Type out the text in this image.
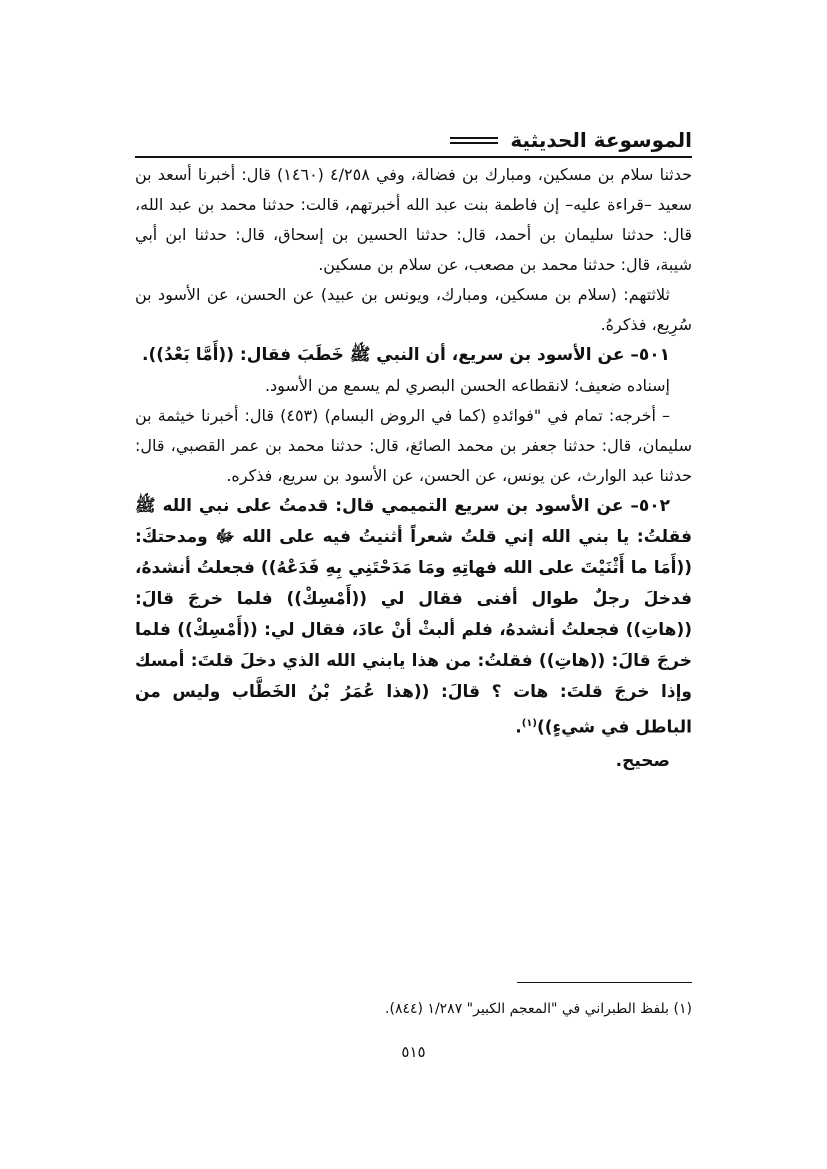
الموسوعة الحديثية

حدثنا سلام بن مسكين، ومبارك بن فضالة، وفي ٤/٢٥٨ (١٤٦٠) قال: أخبرنا أسعد بن سعيد –قراءة عليه– إن فاطمة بنت عبد الله أخبرتهم، قالت: حدثنا محمد بن عبد الله، قال: حدثنا سليمان بن أحمد، قال: حدثنا الحسين بن إسحاق، قال: حدثنا ابن أبي شيبة، قال: حدثنا محمد بن مصعب، عن سلام بن مسكين.

ثلاثتهم: (سلام بن مسكين، ومبارك، ويونس بن عبيد) عن الحسن، عن الأسود بن سُرِيع، فذكرهُ.

٥٠١– عن الأسود بن سريع، أن النبي ﷺ خَطَبَ فقال: ((أَمَّا بَعْدُ)).

إسناده ضعيف؛ لانقطاعه الحسن البصري لم يسمع من الأسود.

– أخرجه: تمام في "فوائدهِ (كما في الروض البسام) (٤٥٣) قال: أخبرنا خيثمة بن سليمان، قال: حدثنا جعفر بن محمد الصائغ، قال: حدثنا محمد بن عمر القصبي، قال: حدثنا عبد الوارث، عن يونس، عن الحسن، عن الأسود بن سريع، فذكره.

٥٠٢– عن الأسود بن سريع التميمي قال: قدمتُ على نبي الله ﷺ فقلتُ: يا بني الله إني قلتُ شعراً أثنيتُ فيه على الله ﷻ ومدحتكَ: ((أَمَا ما أَثْنَيْتَ على الله فهاتِهِ ومَا مَدَحْتَنِي بِهِ فَدَعْهُ)) فجعلتُ أنشدهُ، فدخلَ رجلٌ طوال أفنى فقال لي ((أَمْسِكْ)) فلما خرجَ قالَ: ((هاتِ)) فجعلتُ أنشدهُ، فلم ألبثْ أنْ عادَ، فقال لي: ((أَمْسِكْ)) فلما خرجَ قالَ: ((هاتِ)) فقلتُ: من هذا يابني الله الذي دخلَ قلتَ: أمسك وإذا خرجَ قلتَ: هات ؟ قالَ: ((هذا عُمَرُ بْنُ الخَطَّاب وليس من الباطل في شيءٍ))$^{(١)}$.

صحيح.

(١) بلفظ الطبراني في "المعجم الكبير" ١/٢٨٧ (٨٤٤).
٥١٥
